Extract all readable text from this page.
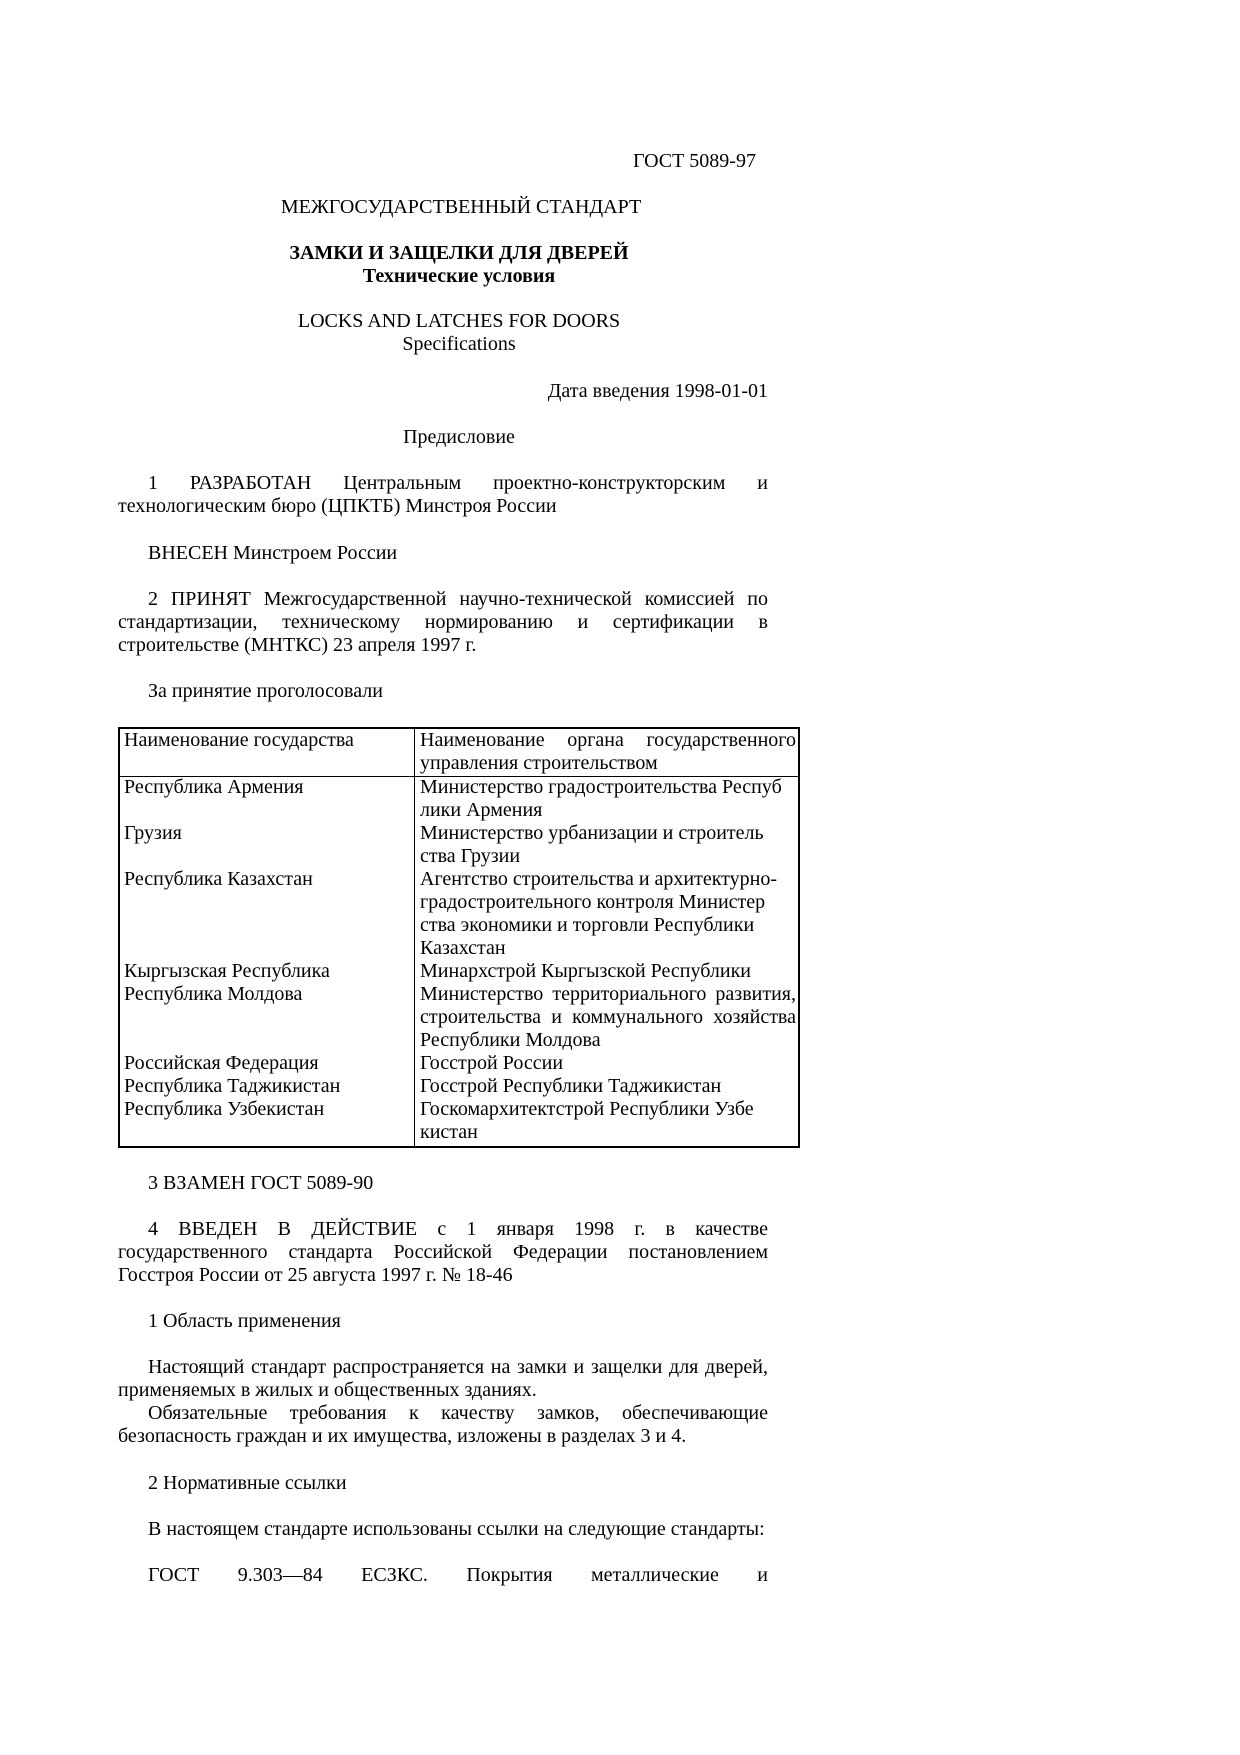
ГОСТ 5089-97
МЕЖГОСУДАРСТВЕННЫЙ СТАНДАРТ
ЗАМКИ И ЗАЩЕЛКИ ДЛЯ ДВЕРЕЙ
Технические условия
LOCKS AND LATCHES FOR DOORS
Specifications
Дата введения 1998-01-01
Предисловие
1 РАЗРАБОТАН Центральным проектно-конструкторским и технологическим бюро (ЦПКТБ) Минстроя России
ВНЕСЕН Минстроем России
2 ПРИНЯТ Межгосударственной научно-технической комиссией по стандартизации, техническому нормированию и сертификации в строительстве (МНТКС) 23 апреля 1997 г.
За принятие проголосовали
Наименование государства	Наименование органа государственного управления строительством
Республика Армения	Министерство градостроительства Респуб лики Армения
Грузия	Министерство урбанизации и строитель ства Грузии
Республика Казахстан	Агентство строительства и архитектурно-градостроительного контроля Министер ства экономики и торговли Республики Казахстан
Кыргызская Республика	Минархстрой Кыргызской Республики
Республика Молдова	Министерство территориального развития, строительства и коммунального хозяйства Республики Молдова
Российская Федерация	Госстрой России
Республика Таджикистан	Госстрой Республики Таджикистан
Республика Узбекистан	Госкомархитектстрой Республики Узбе кистан
3 ВЗАМЕН ГОСТ 5089-90
4 ВВЕДЕН В ДЕЙСТВИЕ с 1 января 1998 г. в качестве государственного стандарта Российской Федерации постановлением Госстроя России от 25 августа 1997 г. № 18-46
1 Область применения
Настоящий стандарт распространяется на замки и защелки для дверей, применяемых в жилых и общественных зданиях.
Обязательные требования к качеству замков, обеспечивающие безопасность граждан и их имущества, изложены в разделах 3 и 4.
2 Нормативные ссылки
В настоящем стандарте использованы ссылки на следующие стандарты:
ГОСТ 9.303—84 ЕСЗКС. Покрытия металлические и
